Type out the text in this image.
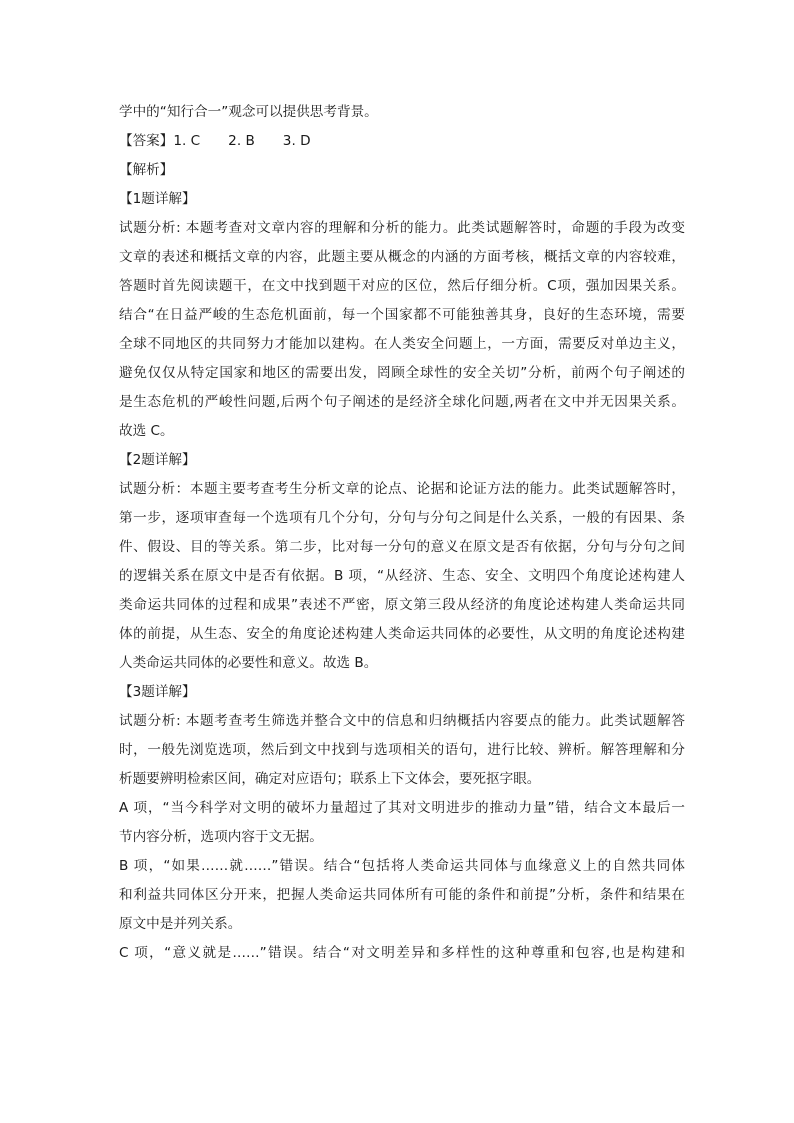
学中的“知行合一”观念可以提供思考背景。
【答案】1. C 2. B 3. D
【解析】
【1题详解】
试题分析: 本题考查对文章内容的理解和分析的能力。此类试题解答时，命题的手段为改变
文章的表述和概括文章的内容，此题主要从概念的内涵的方面考核，概括文章的内容较难，
答题时首先阅读题干，在文中找到题干对应的区位，然后仔细分析。C项，强加因果关系。
结合“在日益严峻的生态危机面前，每一个国家都不可能独善其身，良好的生态环境，需要
全球不同地区的共同努力才能加以建构。在人类安全问题上，一方面，需要反对单边主义，
避免仅仅从特定国家和地区的需要出发，罔顾全球性的安全关切”分析，前两个句子阐述的
是生态危机的严峻性问题,后两个句子阐述的是经济全球化问题,两者在文中并无因果关系。
故选 C。
【2题详解】
试题分析：本题主要考查考生分析文章的论点、论据和论证方法的能力。此类试题解答时，
第一步，逐项审查每一个选项有几个分句，分句与分句之间是什么关系，一般的有因果、条
件、假设、目的等关系。第二步，比对每一分句的意义在原文是否有依据，分句与分句之间
的逻辑关系在原文中是否有依据。B 项，“从经济、生态、安全、文明四个角度论述构建人
类命运共同体的过程和成果”表述不严密，原文第三段从经济的角度论述构建人类命运共同
体的前提，从生态、安全的角度论述构建人类命运共同体的必要性，从文明的角度论述构建
人类命运共同体的必要性和意义。故选 B。
【3题详解】
试题分析: 本题考查考生筛选并整合文中的信息和归纳概括内容要点的能力。此类试题解答
时，一般先浏览选项，然后到文中找到与选项相关的语句，进行比较、辨析。解答理解和分
析题要辨明检索区间，确定对应语句；联系上下文体会，要死抠字眼。
A 项，“当今科学对文明的破坏力量超过了其对文明进步的推动力量”错，结合文本最后一
节内容分析，选项内容于文无据。
B 项，“如果……就……”错误。结合“包括将人类命运共同体与血缘意义上的自然共同体
和利益共同体区分开来，把握人类命运共同体所有可能的条件和前提”分析，条件和结果在
原文中是并列关系。
C 项，“意义就是……”错误。结合“对文明差异和多样性的这种尊重和包容,也是构建和
